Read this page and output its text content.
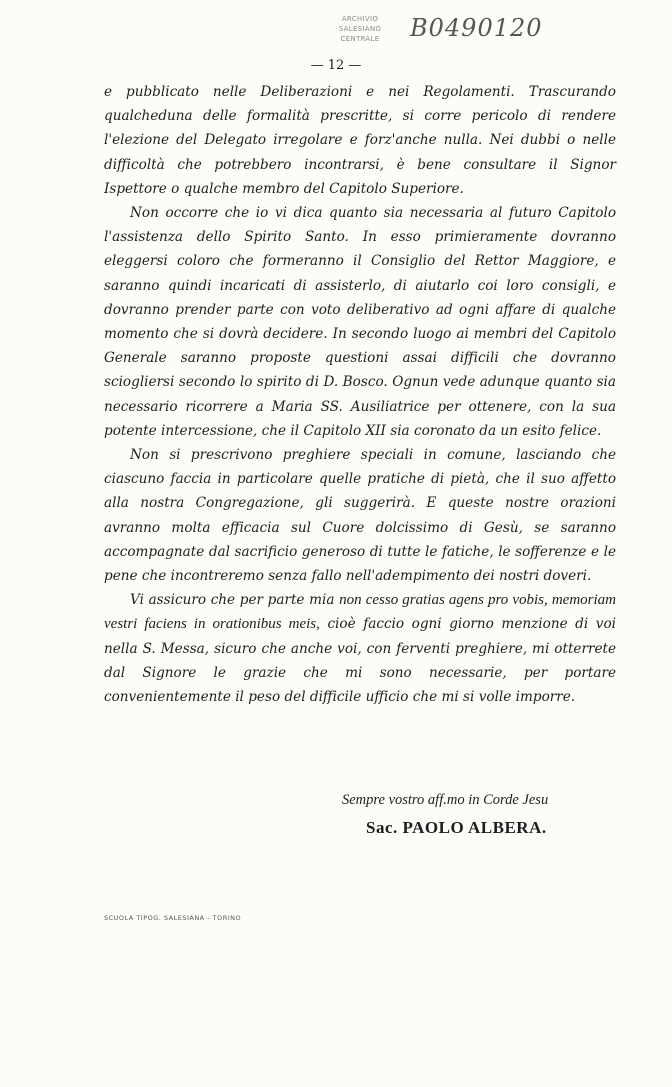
ARCHIVIO SALESIANO
CENTRALE	B0490120
— 12 —

e pubblicato nelle Deliberazioni e nei Regolamenti. Trascurando qualcheduna delle formalità prescritte, si corre pericolo di rendere l'elezione del Delegato irregolare e forz'anche nulla. Nei dubbi o nelle difficoltà che potrebbero incontrarsi, è bene consultare il Signor Ispettore o qualche membro del Capitolo Superiore.

Non occorre che io vi dica quanto sia necessaria al futuro Capitolo l'assistenza dello Spirito Santo. In esso primieramente dovranno eleggersi coloro che formeranno il Consiglio del Rettor Maggiore, e saranno quindi incaricati di assisterlo, di aiutarlo coi loro consigli, e dovranno prender parte con voto deliberativo ad ogni affare di qualche momento che si dovrà decidere. In secondo luogo ai membri del Capitolo Generale saranno proposte questioni assai difficili che dovranno sciogliersi secondo lo spirito di D. Bosco. Ognun vede adunque quanto sia necessario ricorrere a Maria SS. Ausiliatrice per ottenere, con la sua potente intercessione, che il Capitolo XII sia coronato da un esito felice.

Non si prescrivono preghiere speciali in comune, lasciando che ciascuno faccia in particolare quelle pratiche di pietà, che il suo affetto alla nostra Congregazione, gli suggerirà. E queste nostre orazioni avranno molta efficacia sul Cuore dolcissimo di Gesù, se saranno accompagnate dal sacrificio generoso di tutte le fatiche, le sofferenze e le pene che incontreremo senza fallo nell'adempimento dei nostri doveri.

Vi assicuro che per parte mia non cesso gratias agens pro vobis, memoriam vestri faciens in orationibus meis, cioè faccio ogni giorno menzione di voi nella S. Messa, sicuro che anche voi, con ferventi preghiere, mi otterrete dal Signore le grazie che mi sono necessarie, per portare convenientemente il peso del difficile ufficio che mi si volle imporre.

Sempre vostro aff.mo in Corde Jesu
Sac. PAOLO ALBERA.
SCUOLA TIPOG. SALESIANA - TORINO
